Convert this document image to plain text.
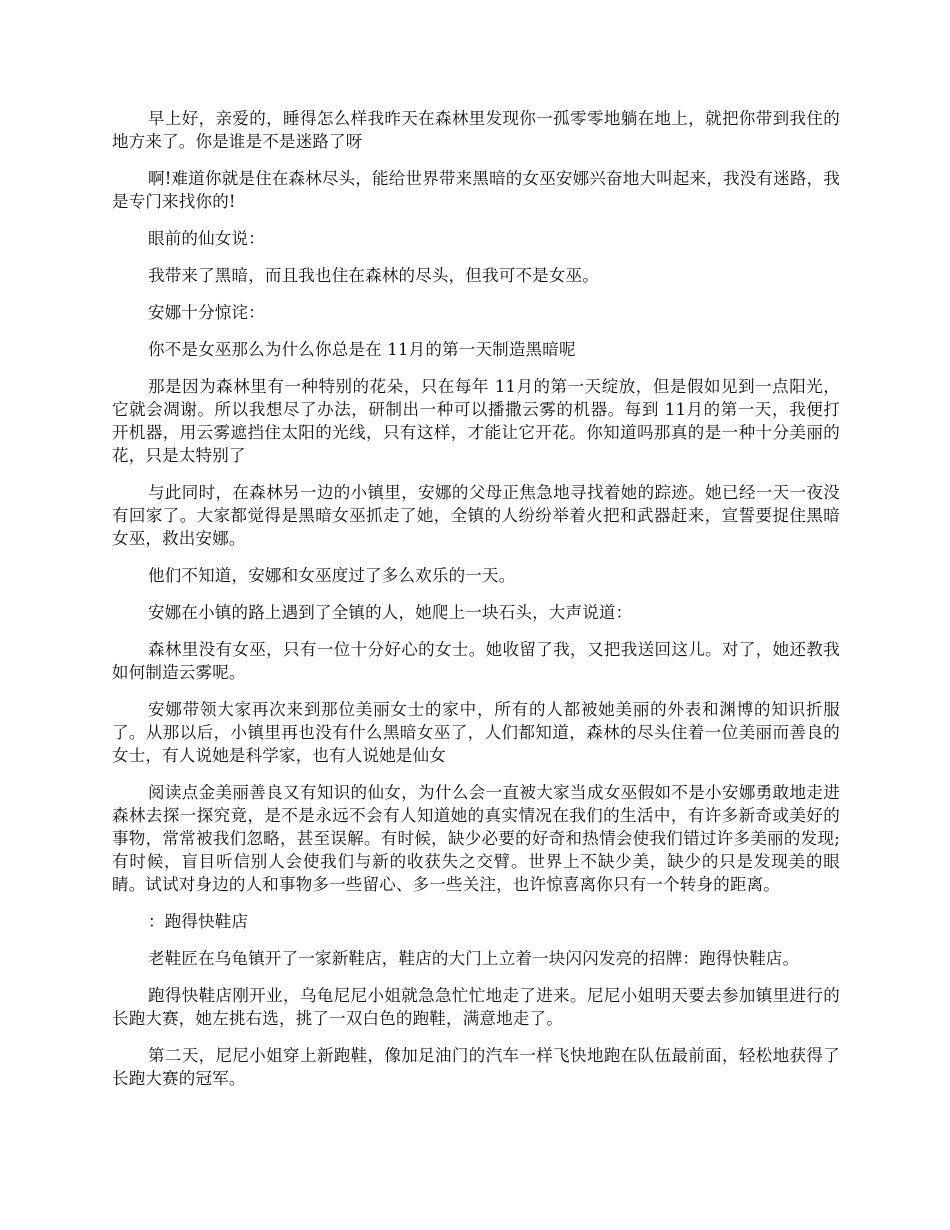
早上好，亲爱的，睡得怎么样我昨天在森林里发现你一孤零零地躺在地上，就把你带到我住的地方来了。你是谁是不是迷路了呀

啊!难道你就是住在森林尽头，能给世界带来黑暗的女巫安娜兴奋地大叫起来，我没有迷路，我是专门来找你的!

眼前的仙女说：

我带来了黑暗，而且我也住在森林的尽头，但我可不是女巫。

安娜十分惊诧：

你不是女巫那么为什么你总是在 11月的第一天制造黑暗呢

那是因为森林里有一种特别的花朵，只在每年 11月的第一天绽放，但是假如见到一点阳光，它就会凋谢。所以我想尽了办法，研制出一种可以播撒云雾的机器。每到 11月的第一天，我便打开机器，用云雾遮挡住太阳的光线，只有这样，才能让它开花。你知道吗那真的是一种十分美丽的花，只是太特别了

与此同时，在森林另一边的小镇里，安娜的父母正焦急地寻找着她的踪迹。她已经一天一夜没有回家了。大家都觉得是黑暗女巫抓走了她，全镇的人纷纷举着火把和武器赶来，宣誓要捉住黑暗女巫，救出安娜。

他们不知道，安娜和女巫度过了多么欢乐的一天。

安娜在小镇的路上遇到了全镇的人，她爬上一块石头，大声说道：

森林里没有女巫，只有一位十分好心的女士。她收留了我，又把我送回这儿。对了，她还教我如何制造云雾呢。

安娜带领大家再次来到那位美丽女士的家中，所有的人都被她美丽的外表和渊博的知识折服了。从那以后，小镇里再也没有什么黑暗女巫了，人们都知道，森林的尽头住着一位美丽而善良的女士，有人说她是科学家，也有人说她是仙女

阅读点金美丽善良又有知识的仙女，为什么会一直被大家当成女巫假如不是小安娜勇敢地走进森林去探一探究竟，是不是永远不会有人知道她的真实情况在我们的生活中，有许多新奇或美好的事物，常常被我们忽略，甚至误解。有时候，缺少必要的好奇和热情会使我们错过许多美丽的发现;有时候，盲目听信别人会使我们与新的收获失之交臂。世界上不缺少美，缺少的只是发现美的眼睛。试试对身边的人和事物多一些留心、多一些关注，也许惊喜离你只有一个转身的距离。

：跑得快鞋店

老鞋匠在乌龟镇开了一家新鞋店，鞋店的大门上立着一块闪闪发亮的招牌：跑得快鞋店。

跑得快鞋店刚开业，乌龟尼尼小姐就急急忙忙地走了进来。尼尼小姐明天要去参加镇里进行的长跑大赛，她左挑右选，挑了一双白色的跑鞋，满意地走了。

第二天，尼尼小姐穿上新跑鞋，像加足油门的汽车一样飞快地跑在队伍最前面，轻松地获得了长跑大赛的冠军。
